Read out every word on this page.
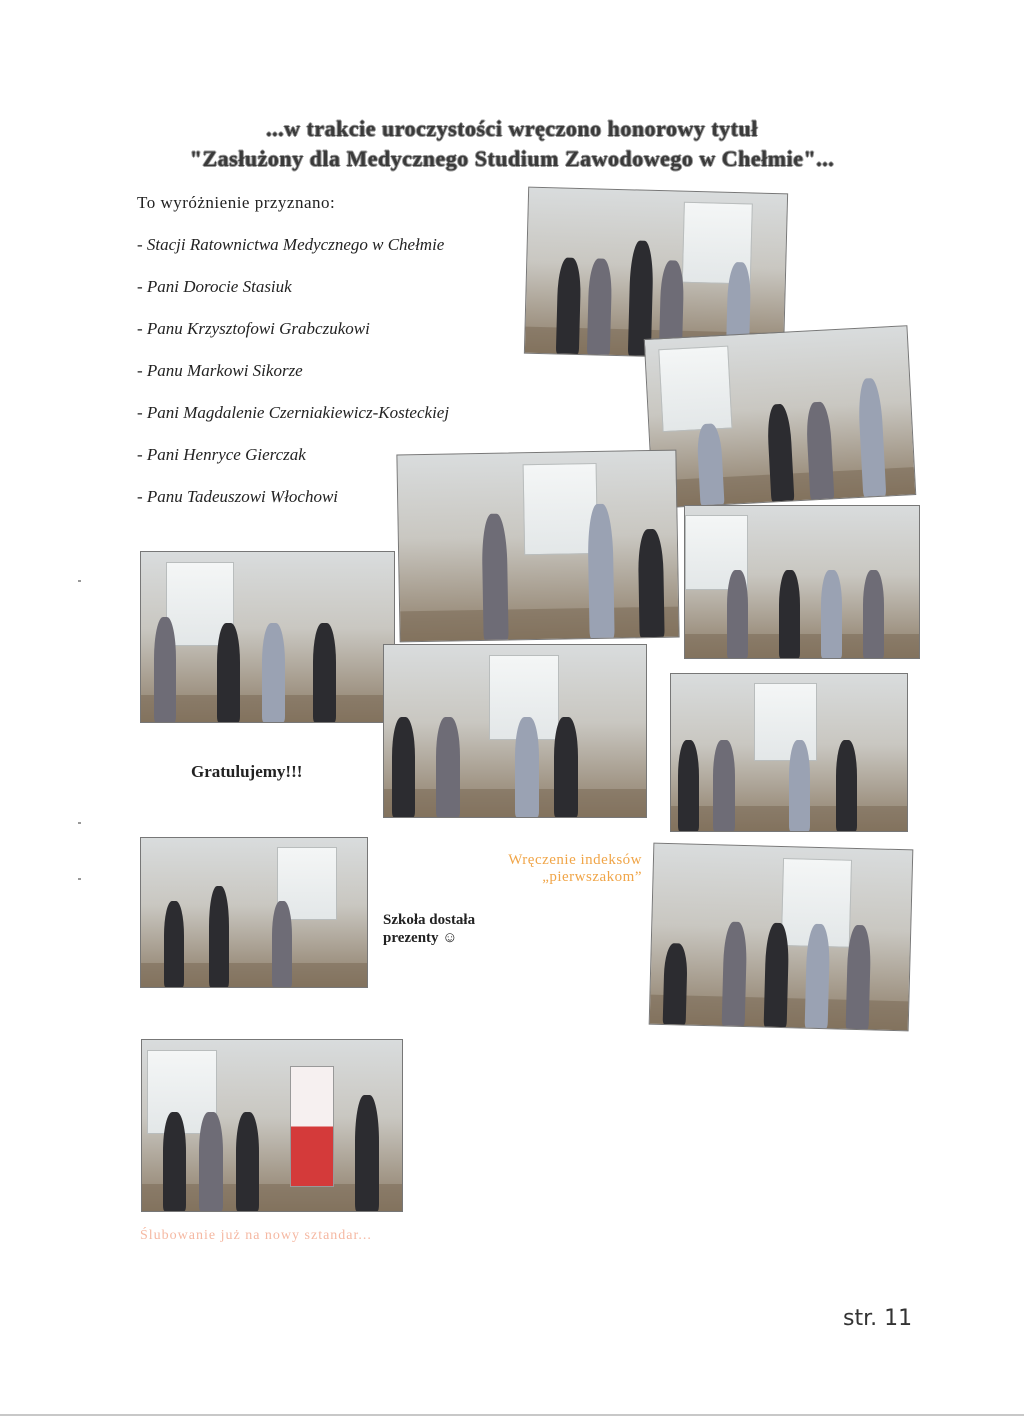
...w trakcie uroczystości wręczono honorowy tytuł
"Zasłużony dla Medycznego Studium Zawodowego w Chełmie"...
To wyróżnienie przyznano:
- Stacji Ratownictwa Medycznego w Chełmie
- Pani Dorocie Stasiuk
- Panu Krzysztofowi Grabczukowi
- Panu Markowi Sikorze
- Pani Magdalenie Czerniakiewicz-Kosteckiej
- Pani Henryce Gierczak
- Panu Tadeuszowi Włochowi
Gratulujemy!!!
Szkoła dostała prezenty ☺
Wręczenie indeksów „pierwszakom”
Ślubowanie już na nowy sztandar...
str. 11
